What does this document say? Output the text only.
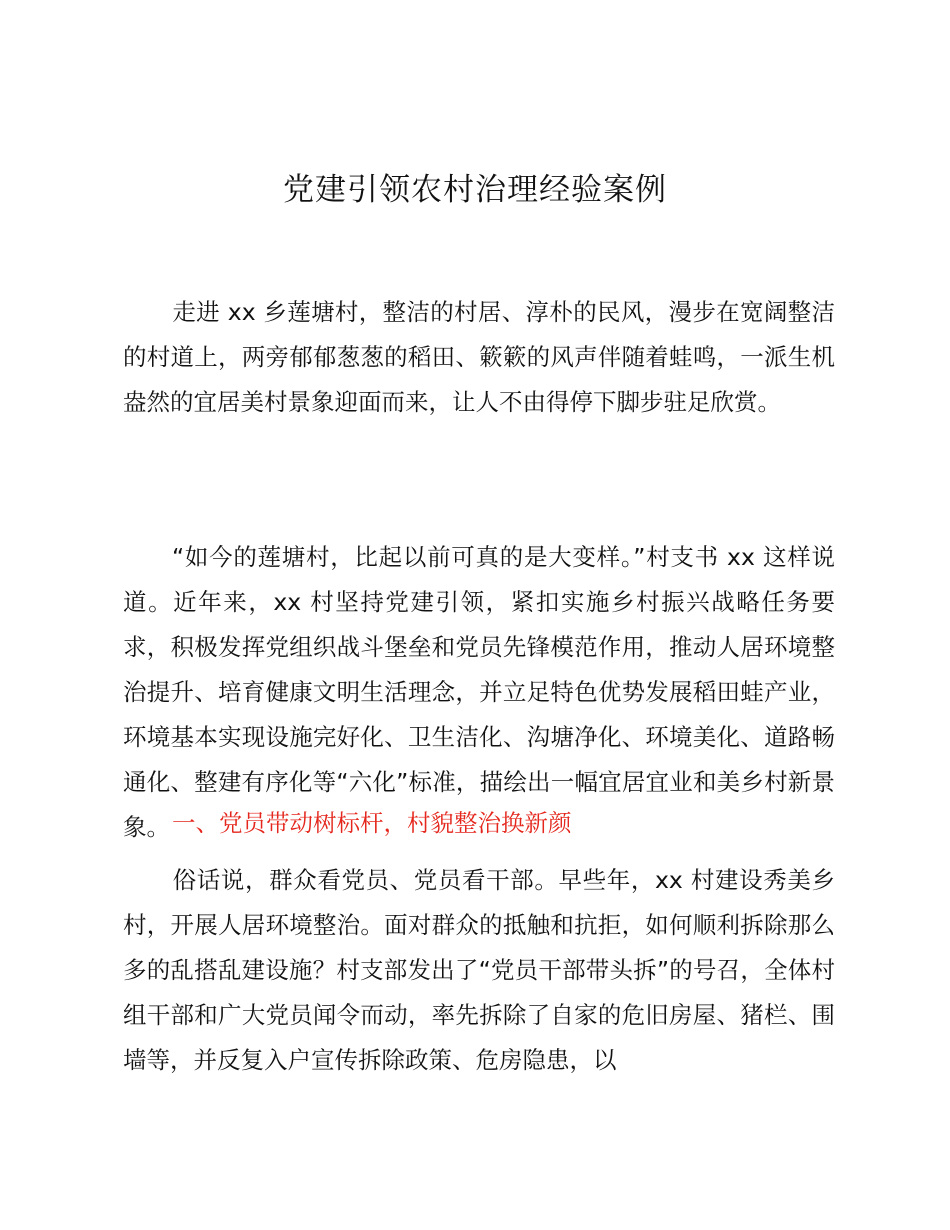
党建引领农村治理经验案例

走进 xx 乡莲塘村，整洁的村居、淳朴的民风，漫步在宽阔整洁的村道上，两旁郁郁葱葱的稻田、簌簌的风声伴随着蛙鸣，一派生机盎然的宜居美村景象迎面而来，让人不由得停下脚步驻足欣赏。

“如今的莲塘村，比起以前可真的是大变样。”村支书 xx 这样说道。近年来，xx 村坚持党建引领，紧扣实施乡村振兴战略任务要求，积极发挥党组织战斗堡垒和党员先锋模范作用，推动人居环境整治提升、培育健康文明生活理念，并立足特色优势发展稻田蛙产业，环境基本实现设施完好化、卫生洁化、沟塘净化、环境美化、道路畅通化、整建有序化等“六化”标准，描绘出一幅宜居宜业和美乡村新景象。 一、党员带动树标杆，村貌整治换新颜

俗话说，群众看党员、党员看干部。早些年，xx 村建设秀美乡村，开展人居环境整治。面对群众的抵触和抗拒，如何顺利拆除那么多的乱搭乱建设施？村支部发出了“党员干部带头拆”的号召，全体村组干部和广大党员闻令而动，率先拆除了自家的危旧房屋、猪栏、围墙等，并反复入户宣传拆除政策、危房隐患，以
